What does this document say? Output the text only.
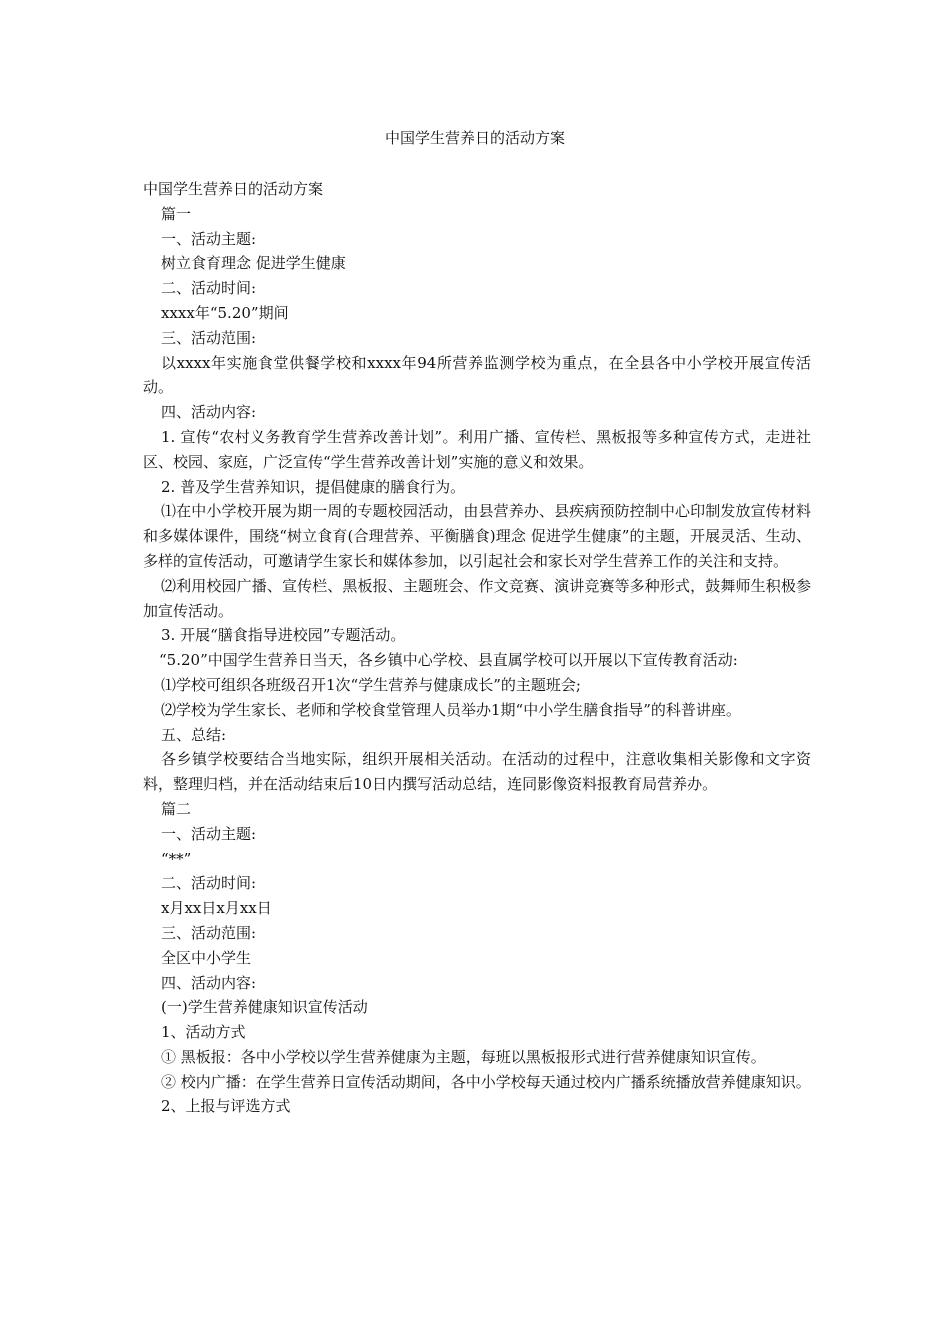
中国学生营养日的活动方案

中国学生营养日的活动方案

篇一

一、活动主题:

树立食育理念 促进学生健康

二、活动时间:

xxxx年“5.20”期间

三、活动范围:

以xxxx年实施食堂供餐学校和xxxx年94所营养监测学校为重点，在全县各中小学校开展宣传活动。

四、活动内容:

1. 宣传“农村义务教育学生营养改善计划”。利用广播、宣传栏、黑板报等多种宣传方式，走进社区、校园、家庭，广泛宣传“学生营养改善计划”实施的意义和效果。

2. 普及学生营养知识，提倡健康的膳食行为。

⑴在中小学校开展为期一周的专题校园活动，由县营养办、县疾病预防控制中心印制发放宣传材料和多媒体课件，围绕“树立食育(合理营养、平衡膳食)理念 促进学生健康”的主题，开展灵活、生动、多样的宣传活动，可邀请学生家长和媒体参加，以引起社会和家长对学生营养工作的关注和支持。

⑵利用校园广播、宣传栏、黑板报、主题班会、作文竞赛、演讲竞赛等多种形式，鼓舞师生积极参加宣传活动。

3. 开展“膳食指导进校园”专题活动。

“5.20”中国学生营养日当天，各乡镇中心学校、县直属学校可以开展以下宣传教育活动:

⑴学校可组织各班级召开1次“学生营养与健康成长”的主题班会;

⑵学校为学生家长、老师和学校食堂管理人员举办1期“中小学生膳食指导”的科普讲座。

五、总结:

各乡镇学校要结合当地实际，组织开展相关活动。在活动的过程中，注意收集相关影像和文字资料，整理归档，并在活动结束后10日内撰写活动总结，连同影像资料报教育局营养办。

篇二

一、活动主题:

“**”

二、活动时间:

x月xx日x月xx日

三、活动范围:

全区中小学生

四、活动内容:

(一)学生营养健康知识宣传活动

1、活动方式

① 黑板报：各中小学校以学生营养健康为主题，每班以黑板报形式进行营养健康知识宣传。

② 校内广播：在学生营养日宣传活动期间，各中小学校每天通过校内广播系统播放营养健康知识。

2、上报与评选方式
